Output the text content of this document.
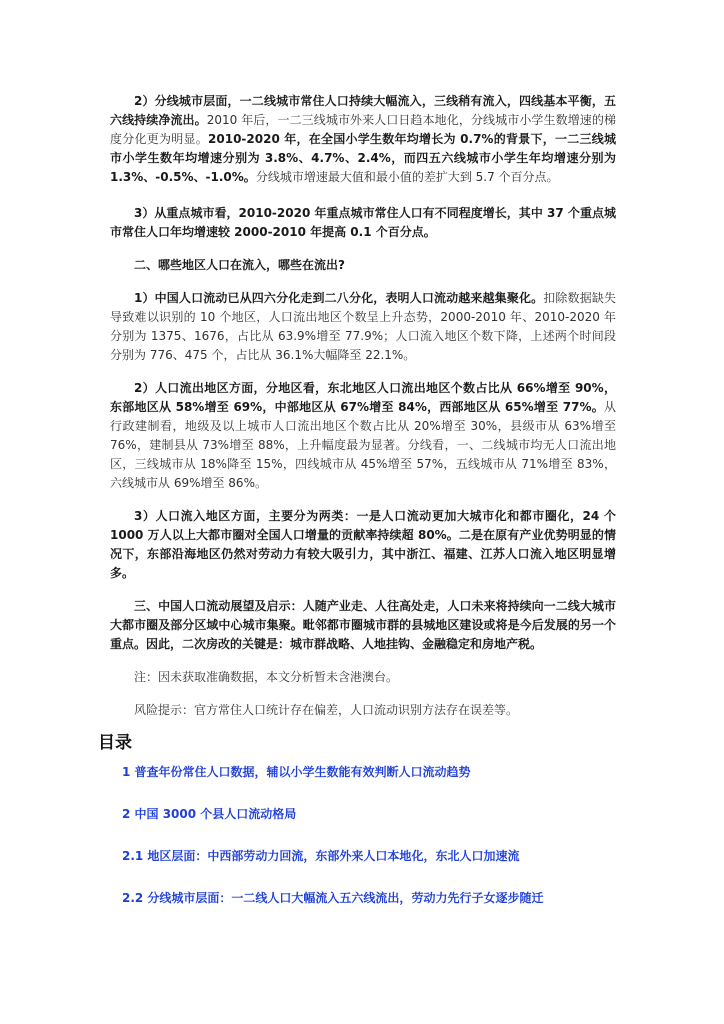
2）分线城市层面，一二线城市常住人口持续大幅流入，三线稍有流入，四线基本平衡，五六线持续净流出。2010 年后，一二三线城市外来人口日趋本地化，分线城市小学生数增速的梯度分化更为明显。2010-2020 年，在全国小学生数年均增长为 0.7%的背景下，一二三线城市小学生数年均增速分别为 3.8%、4.7%、2.4%，而四五六线城市小学生年均增速分别为 1.3%、-0.5%、-1.0%。分线城市增速最大值和最小值的差扩大到 5.7 个百分点。

3）从重点城市看，2010-2020 年重点城市常住人口有不同程度增长，其中 37 个重点城市常住人口年均增速较 2000-2010 年提高 0.1 个百分点。

二、哪些地区人口在流入，哪些在流出?

1）中国人口流动已从四六分化走到二八分化，表明人口流动越来越集聚化。扣除数据缺失导致难以识别的 10 个地区，人口流出地区个数呈上升态势，2000-2010 年、2010-2020 年分别为 1375、1676，占比从 63.9%增至 77.9%；人口流入地区个数下降，上述两个时间段分别为 776、475 个，占比从 36.1%大幅降至 22.1%。

2）人口流出地区方面，分地区看，东北地区人口流出地区个数占比从 66%增至 90%，东部地区从 58%增至 69%，中部地区从 67%增至 84%，西部地区从 65%增至 77%。从行政建制看，地级及以上城市人口流出地区个数占比从 20%增至 30%，县级市从 63%增至 76%，建制县从 73%增至 88%，上升幅度最为显著。分线看，一、二线城市均无人口流出地区，三线城市从 18%降至 15%，四线城市从 45%增至 57%，五线城市从 71%增至 83%，六线城市从 69%增至 86%。

3）人口流入地区方面，主要分为两类：一是人口流动更加大城市化和都市圈化，24 个 1000 万人以上大都市圈对全国人口增量的贡献率持续超 80%。二是在原有产业优势明显的情况下，东部沿海地区仍然对劳动力有较大吸引力，其中浙江、福建、江苏人口流入地区明显增多。

三、中国人口流动展望及启示：人随产业走、人往高处走，人口未来将持续向一二线大城市大都市圈及部分区域中心城市集聚。毗邻都市圈城市群的县城地区建设或将是今后发展的另一个重点。因此，二次房改的关键是：城市群战略、人地挂钩、金融稳定和房地产税。

注：因未获取准确数据，本文分析暂未含港澳台。

风险提示：官方常住人口统计存在偏差，人口流动识别方法存在误差等。

目录

1 普查年份常住人口数据，辅以小学生数能有效判断人口流动趋势

2 中国 3000 个县人口流动格局

2.1 地区层面：中西部劳动力回流，东部外来人口本地化，东北人口加速流

2.2 分线城市层面：一二线人口大幅流入五六线流出，劳动力先行子女逐步随迁
